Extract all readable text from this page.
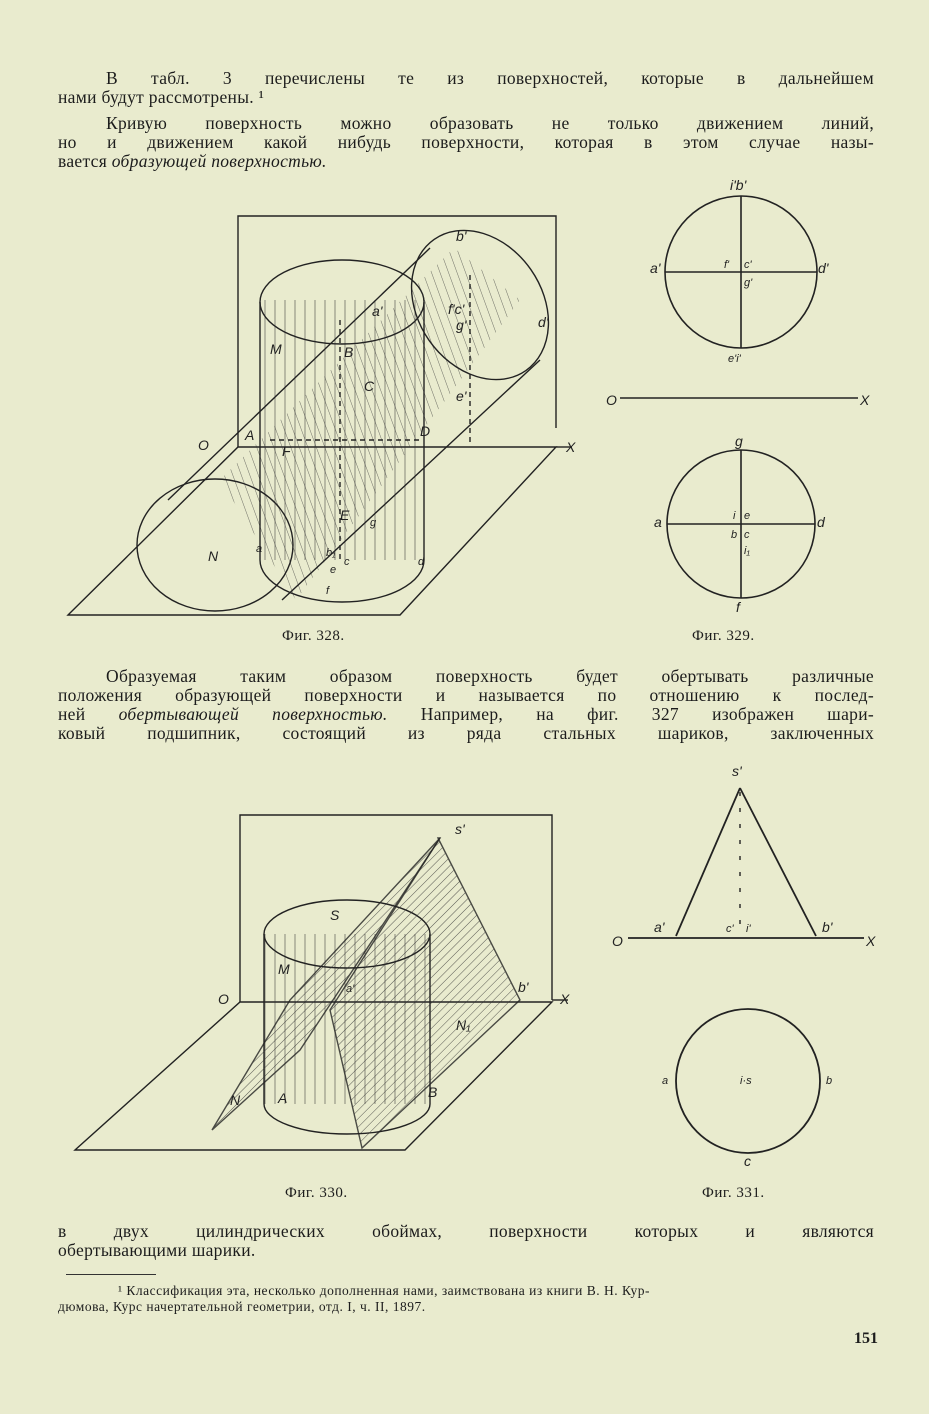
В табл. 3 перечислены те из поверхностей, которые в дальнейшем
нами будут рассмотрены. ¹
Кривую поверхность можно образовать не только движением линий,
но и движением какой нибудь поверхности, которая в этом случае назы-
вается образующей поверхностью.
Образуемая таким образом поверхность будет обертывать различные
положения образующей поверхности и называется по отношению к послед-
ней обертывающей поверхностью. Например, на фиг. 327 изображен шари-
ковый подшипник, состоящий из ряда стальных шариков, заключенных
в двух цилиндрических обоймах, поверхности которых и являются
обертывающими шарики.
Фиг. 328.	Фиг. 329.
Фиг. 330.	Фиг. 331.
¹ Классификация эта, несколько дополненная нами, заимствована из книги В. Н. Кур-
дюмова, Курс начертательной геометрии, отд. I, ч. II, 1897.
151
b'
a'	f'c'
g'	d'
e'
M	B
C
A	D
O	X
N
F
E
a	b₁
e
c	d
f
g
i'b'
a'	f' c'
g'
d'
e'i'
O	X
g
a	i e
b c
i₁
d
f
s'
S
M
O	X
a'	b'
N₁
N	A	B
s'
O
a'	c' i'	b'
X
a	i·s	b
c
